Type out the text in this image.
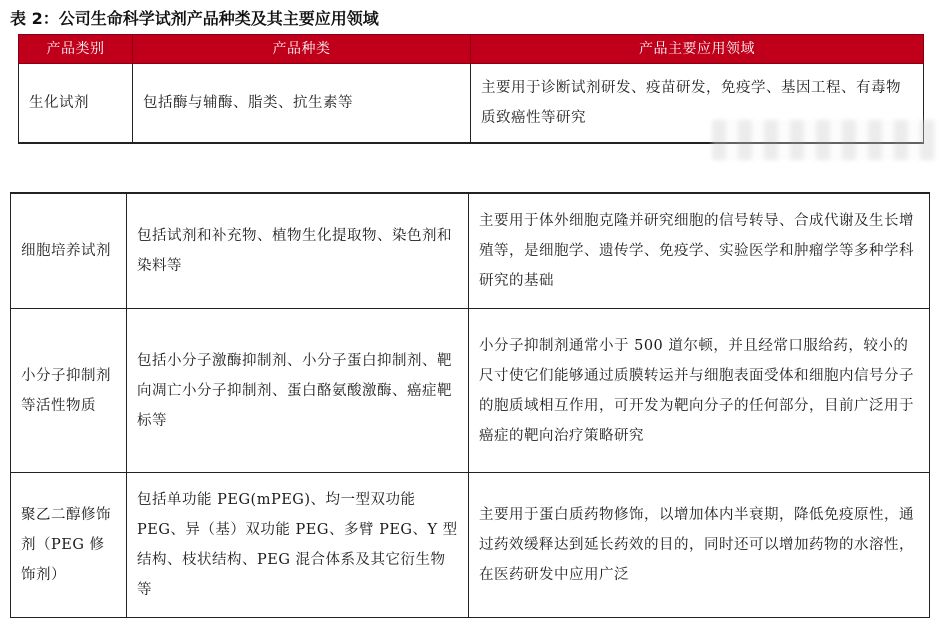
表 2：公司生命科学试剂产品种类及其主要应用领域
产品类别	产品种类	产品主要应用领域
生化试剂	包括酶与辅酶、脂类、抗生素等	主要用于诊断试剂研发、疫苗研发，免疫学、基因工程、有毒物质致癌性等研究
细胞培养试剂	包括试剂和补充物、植物生化提取物、染色剂和染料等	主要用于体外细胞克隆并研究细胞的信号转导、合成代谢及生长增殖等，是细胞学、遗传学、免疫学、实验医学和肿瘤学等多种学科研究的基础
小分子抑制剂等活性物质	包括小分子激酶抑制剂、小分子蛋白抑制剂、靶向凋亡小分子抑制剂、蛋白酪氨酸激酶、癌症靶标等	小分子抑制剂通常小于 500 道尔顿，并且经常口服给药，较小的尺寸使它们能够通过质膜转运并与细胞表面受体和细胞内信号分子的胞质域相互作用，可开发为靶向分子的任何部分，目前广泛用于癌症的靶向治疗策略研究
聚乙二醇修饰剂（PEG 修饰剂）	包括单功能 PEG(mPEG)、均一型双功能 PEG、异（基）双功能 PEG、多臂 PEG、Y 型结构、枝状结构、PEG 混合体系及其它衍生物等	主要用于蛋白质药物修饰，以增加体内半衰期，降低免疫原性，通过药效缓释达到延长药效的目的，同时还可以增加药物的水溶性，在医药研发中应用广泛
